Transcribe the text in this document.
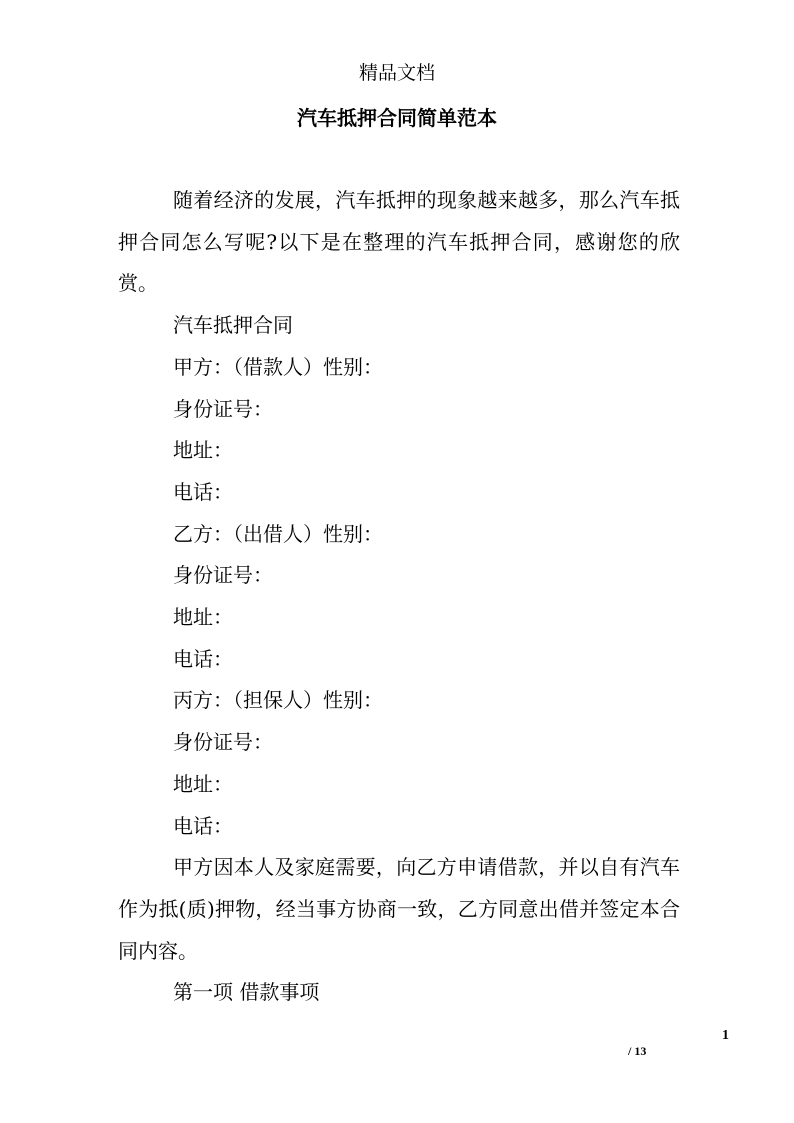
精品文档
汽车抵押合同简单范本

随着经济的发展，汽车抵押的现象越来越多，那么汽车抵押合同怎么写呢?以下是在整理的汽车抵押合同，感谢您的欣赏。

汽车抵押合同

甲方：（借款人）性别：

身份证号：

地址：

电话：

乙方：（出借人）性别：

身份证号：

地址：

电话：

丙方：（担保人）性别：

身份证号：

地址：

电话：

甲方因本人及家庭需要，向乙方申请借款，并以自有汽车作为抵(质)押物，经当事方协商一致，乙方同意出借并签定本合同内容。

第一项 借款事项

1
/ 13
